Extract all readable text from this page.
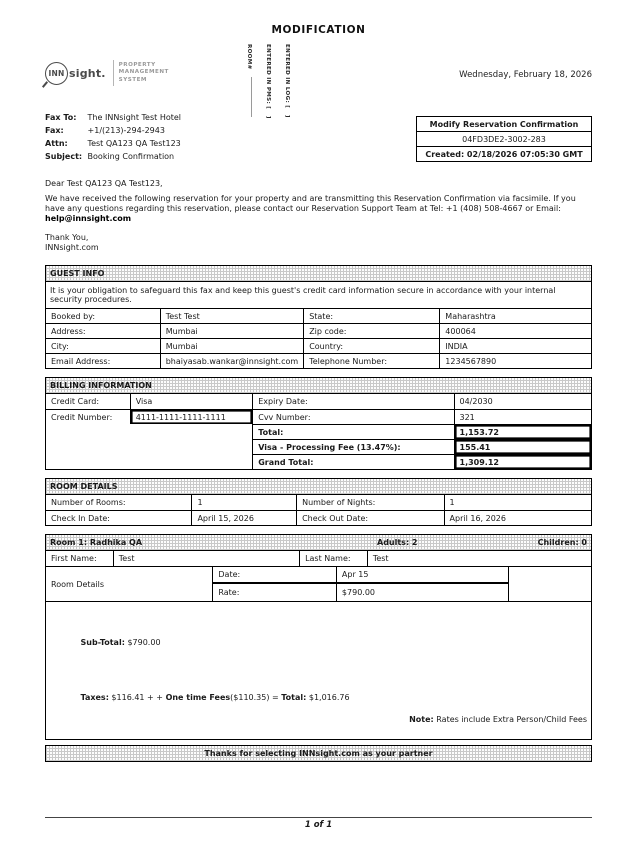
MODIFICATION
INN sight.
PROPERTY
MANAGEMENT
SYSTEM
ROOM#	ENTERED IN PMS: [   ]	ENTERED IN LOG: [   ]	Wednesday, February 18, 2026
Fax To: The INNsight Test Hotel
Fax:	+1/(213)-294-2943
Attn: Test QA123 QA Test123
Subject: Booking Confirmation
Modify Reservation Confirmation
04FD3DE2-3002-283
Created: 02/18/2026 07:05:30 GMT
Dear Test QA123 QA Test123,
We have received the following reservation for your property and are transmitting this Reservation Confirmation via facsimile. If you have any questions regarding this reservation, please contact our Reservation Support Team at Tel: +1 (408) 508-4667 or Email: help@innsight.com
Thank You,
INNsight.com
GUEST INFO
It is your obligation to safeguard this fax and keep this guest's credit card information secure in accordance with your internal security procedures.
Booked by:	Test Test	State:	Maharashtra
Address:	Mumbai	Zip code:	400064
City:	Mumbai	Country:	INDIA
Email Address:	bhaiyasab.wankar@innsight.com	Telephone Number:	1234567890
BILLING INFORMATION
Credit Card:	Visa	Expiry Date:	04/2030
Credit Number:	4111-1111-1111-1111	Cvv Number:	321
Total:	1,153.72
Visa - Processing Fee (13.47%):	155.41
Grand Total:	1,309.12
ROOM DETAILS
Number of Rooms:	1	Number of Nights:	1
Check In Date:	April 15, 2026	Check Out Date:	April 16, 2026
Room 1: Radhika QA	Adults: 2	Children: 0
First Name:	Test	Last Name:	Test
Room Details
Date:	Apr 15
Rate:	$790.00

Sub-Total: $790.00

Taxes: $116.41 + + One time Fees($110.35) = Total: $1,016.76

Note: Rates include Extra Person/Child Fees

Thanks for selecting INNsight.com as your partner
1 of 1
